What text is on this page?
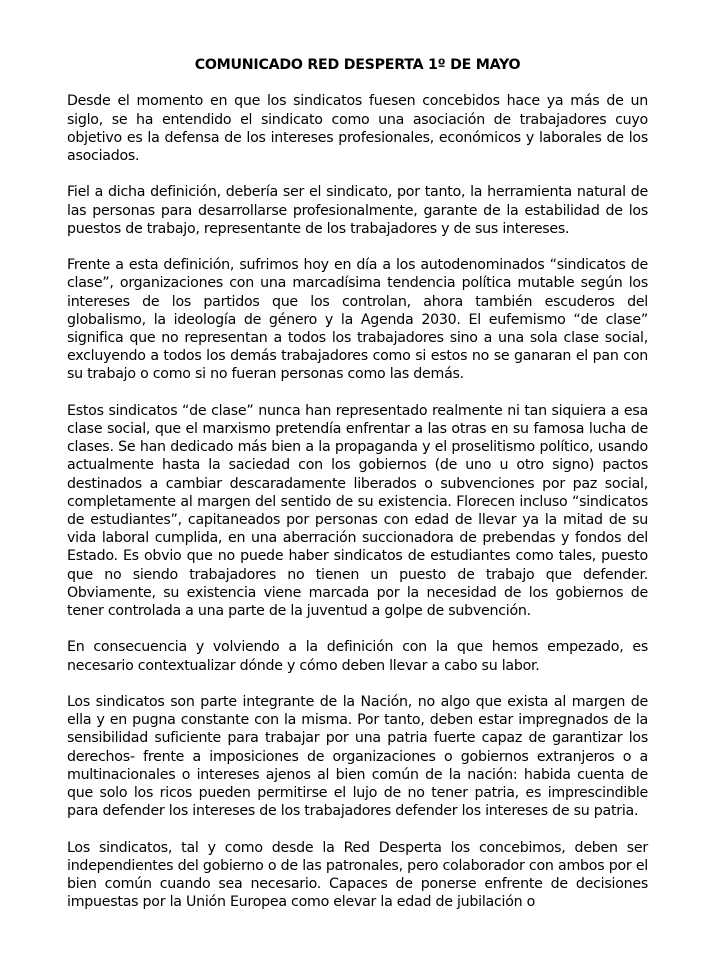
COMUNICADO RED DESPERTA 1º DE MAYO

Desde el momento en que los sindicatos fuesen concebidos hace ya más de un siglo, se ha entendido el sindicato como una asociación de trabajadores cuyo objetivo es la defensa de los intereses profesionales, económicos y laborales de los asociados.

Fiel a dicha definición, debería ser el sindicato, por tanto, la herramienta natural de las personas para desarrollarse profesionalmente, garante de la estabilidad de los puestos de trabajo, representante de los trabajadores y de sus intereses.

Frente a esta definición, sufrimos hoy en día a los autodenominados “sindicatos de clase”, organizaciones con una marcadísima tendencia política mutable según los intereses de los partidos que los controlan, ahora también escuderos del globalismo, la ideología de género y la Agenda 2030. El eufemismo “de clase” significa que no representan a todos los trabajadores sino a una sola clase social, excluyendo a todos los demás trabajadores como si estos no se ganaran el pan con su trabajo o como si no fueran personas como las demás.

Estos sindicatos “de clase” nunca han representado realmente ni tan siquiera a esa clase social, que el marxismo pretendía enfrentar a las otras en su famosa lucha de clases. Se han dedicado más bien a la propaganda y el proselitismo político, usando actualmente hasta la saciedad con los gobiernos (de uno u otro signo) pactos destinados a cambiar descaradamente liberados o subvenciones por paz social, completamente al margen del sentido de su existencia. Florecen incluso “sindicatos de estudiantes”, capitaneados por personas con edad de llevar ya la mitad de su vida laboral cumplida, en una aberración succionadora de prebendas y fondos del Estado. Es obvio que no puede haber sindicatos de estudiantes como tales, puesto que no siendo trabajadores no tienen un puesto de trabajo que defender. Obviamente, su existencia viene marcada por la necesidad de los gobiernos de tener controlada a una parte de la juventud a golpe de subvención.

En consecuencia y volviendo a la definición con la que hemos empezado, es necesario contextualizar dónde y cómo deben llevar a cabo su labor.

Los sindicatos son parte integrante de la Nación, no algo que exista al margen de ella y en pugna constante con la misma. Por tanto, deben estar impregnados de la sensibilidad suficiente para trabajar por una patria fuerte capaz de garantizar los derechos- frente a imposiciones de organizaciones o gobiernos extranjeros o a multinacionales o intereses ajenos al bien común de la nación: habida cuenta de que solo los ricos pueden permitirse el lujo de no tener patria, es imprescindible para defender los intereses de los trabajadores defender los intereses de su patria.

Los sindicatos, tal y como desde la Red Desperta los concebimos, deben ser independientes del gobierno o de las patronales, pero colaborador con ambos por el bien común cuando sea necesario. Capaces de ponerse enfrente de decisiones impuestas por la Unión Europea como elevar la edad de jubilación o
